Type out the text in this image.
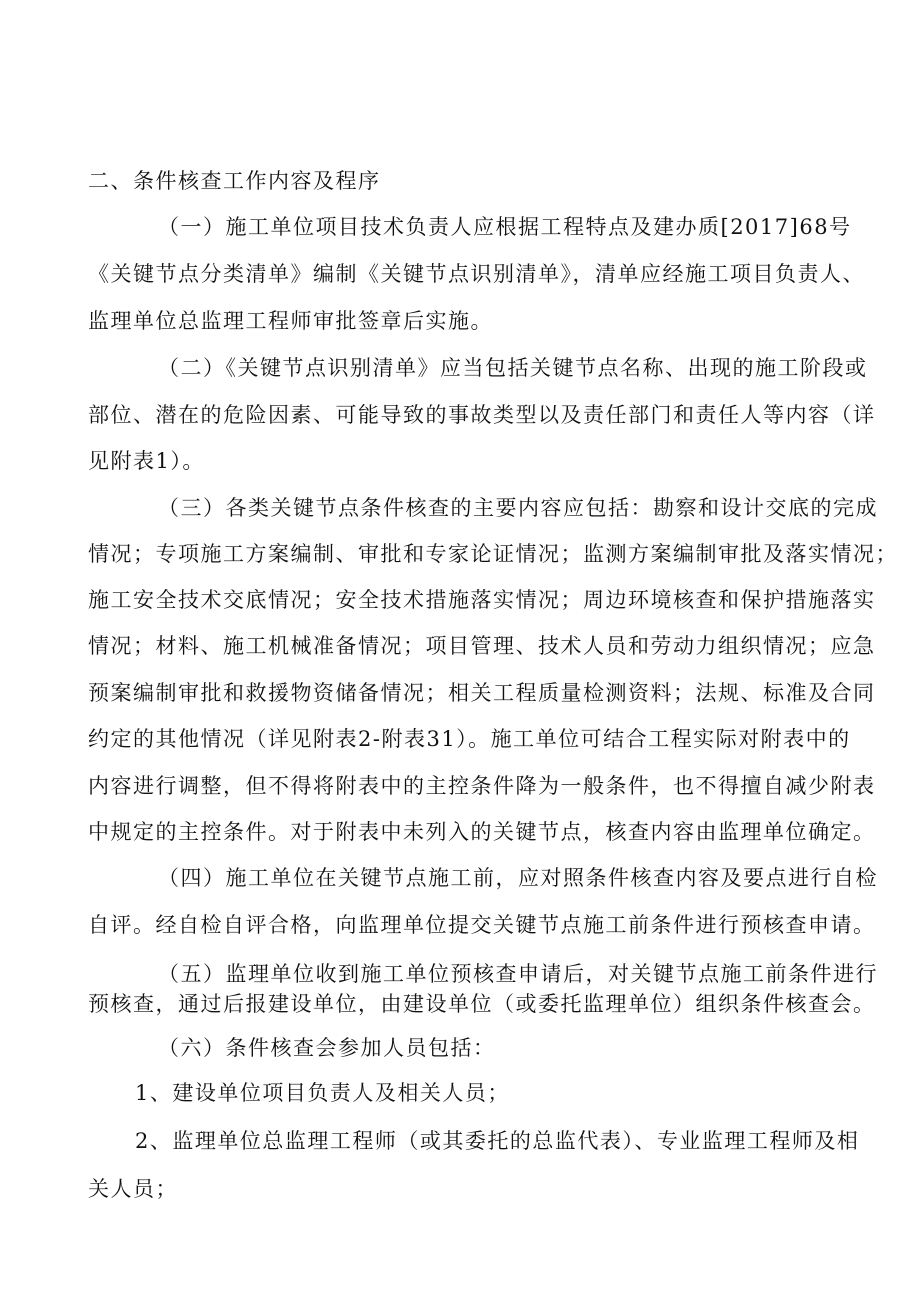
二、条件核查工作内容及程序
（一）施工单位项目技术负责人应根据工程特点及建办质[2017]68号
《关键节点分类清单》编制《关键节点识别清单》，清单应经施工项目负责人、
监理单位总监理工程师审批签章后实施。
（二）《关键节点识别清单》应当包括关键节点名称、出现的施工阶段或
部位、潜在的危险因素、可能导致的事故类型以及责任部门和责任人等内容（详
见附表1）。
（三）各类关键节点条件核查的主要内容应包括：勘察和设计交底的完成
情况；专项施工方案编制、审批和专家论证情况；监测方案编制审批及落实情况；
施工安全技术交底情况；安全技术措施落实情况；周边环境核查和保护措施落实
情况；材料、施工机械准备情况；项目管理、技术人员和劳动力组织情况；应急
预案编制审批和救援物资储备情况；相关工程质量检测资料；法规、标准及合同
约定的其他情况（详见附表2-附表31）。施工单位可结合工程实际对附表中的
内容进行调整，但不得将附表中的主控条件降为一般条件，也不得擅自减少附表
中规定的主控条件。对于附表中未列入的关键节点，核查内容由监理单位确定。
（四）施工单位在关键节点施工前，应对照条件核查内容及要点进行自检
自评。经自检自评合格，向监理单位提交关键节点施工前条件进行预核查申请。
（五）监理单位收到施工单位预核查申请后，对关键节点施工前条件进行
预核查，通过后报建设单位，由建设单位（或委托监理单位）组织条件核查会。
（六）条件核查会参加人员包括：
1、建设单位项目负责人及相关人员；
2、监理单位总监理工程师（或其委托的总监代表）、专业监理工程师及相
关人员；
